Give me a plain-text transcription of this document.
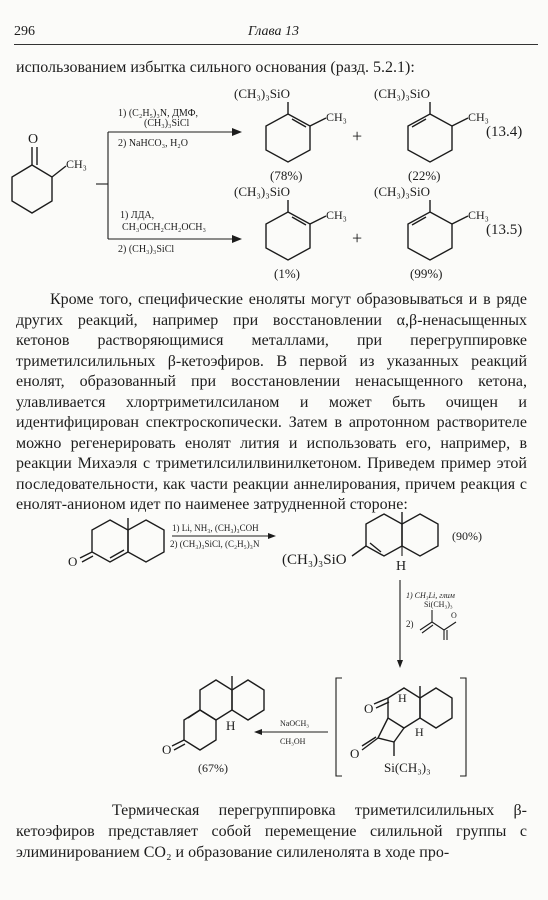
296	Глава 13
использованием избытка сильного основания (разд. 5.2.1):
O
CH₃
1) (C₂H₅)₃N, ДМФ,
(CH₃)₃SiCl
2) NaHCO₃, H₂O
(CH₃)₃SiO
CH₃
(78%)
+
(CH₃)₃SiO
CH₃
(22%)
(13.4)
1) ЛДА,
CH₃OCH₂CH₂OCH₃
2) (CH₃)₃SiCl
(CH₃)₃SiO
CH₃
(1%)
+
(CH₃)₃SiO
CH₃
(99%)
(13.5)
Кроме того, специфические еноляты могут образовываться и в ряде других реакций, например при восстановлении α,β-ненасыщенных кетонов растворяющимися металлами, при перегруппировке триметилсилильных β-кетоэфиров. В первой из указанных реакций енолят, образованный при восстановлении ненасыщенного кетона, улавливается хлортриметилсиланом и может быть очищен и идентифицирован спектроскопически. Затем в апротонном растворителе можно регенерировать енолят лития и использовать его, например, в реакции Михаэля с триметилсилилвинилкетоном. Приведем пример этой последовательности, как части реакции аннелирования, причем реакция с енолят-анионом идет по наименее затрудненной стороне:
O
1) Li, NH₃, (CH₃)₃COH
2) (CH₃)₃SiCl, (C₂H₅)₃N
(CH₃)₃SiO	H
(90%)
1) CH₃Li, глим
Si(CH₃)₃
2)
O
O
H
H
O
Si(CH₃)₃
NaOCH₃
CH₃OH
O
H
(67%)
Термическая перегруппировка триметилсилильных β-кетоэфиров представляет собой перемещение силильной группы с элиминированием CO₂ и образование силиленолята в ходе про-
